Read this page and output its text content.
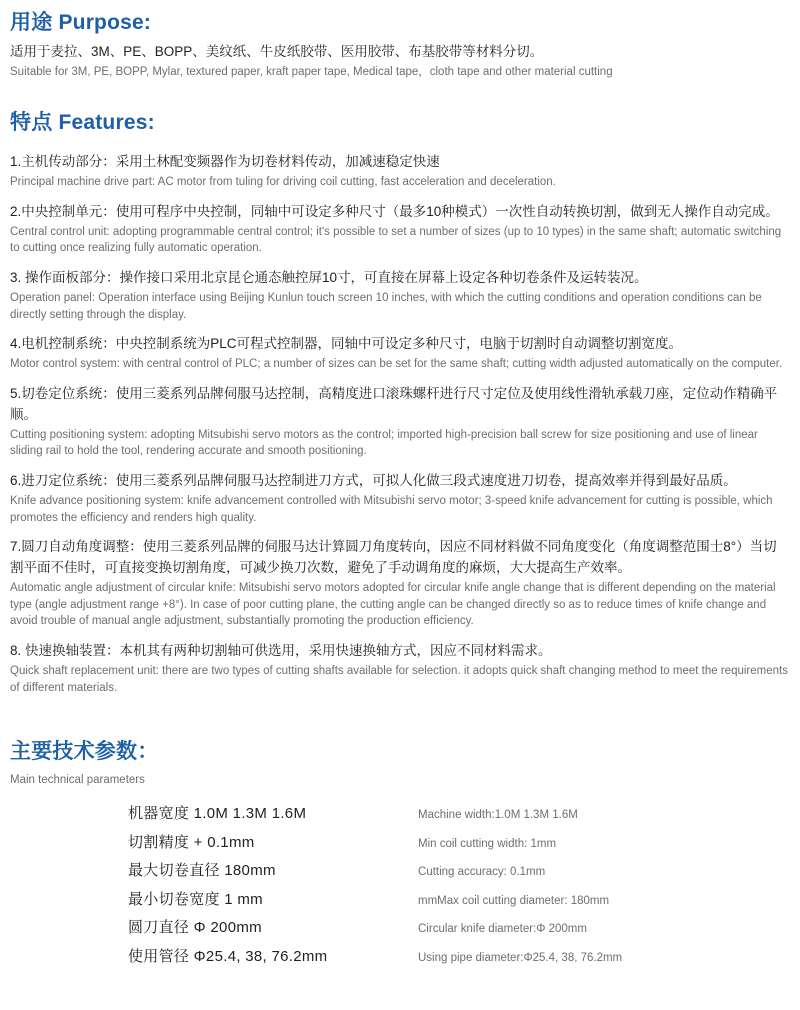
用途 Purpose:

适用于麦拉、3M、PE、BOPP、美纹纸、牛皮纸胶带、医用胶带、布基胶带等材料分切。

Suitable for 3M, PE, BOPP, Mylar, textured paper, kraft paper tape, Medical tape，cloth tape and other material cutting

特点 Features:

1.主机传动部分：采用土林配变频器作为切卷材料传动，加减速稳定快速

Principal machine drive part: AC motor from tuling for driving coil cutting, fast acceleration and deceleration.

2.中央控制单元：使用可程序中央控制，同轴中可设定多种尺寸（最多10种模式）一次性自动转换切割，做到无人操作自动完成。

Central control unit: adopting programmable central control; it's possible to set a number of sizes (up to 10 types) in the same shaft; automatic switching to cutting once realizing fully automatic operation.

3. 操作面板部分：操作接口采用北京昆仑通态触控屏10寸，可直接在屏幕上设定各种切卷条件及运转装况。

Operation panel: Operation interface using Beijing Kunlun touch screen 10 inches, with which the cutting conditions and operation conditions can be directly setting through the display.

4.电机控制系统：中央控制系统为PLC可程式控制器，同轴中可设定多种尺寸，电脑于切割时自动调整切割宽度。

Motor control system: with central control of PLC; a number of sizes can be set for the same shaft; cutting width adjusted automatically on the computer.

5.切卷定位系统：使用三菱系列品牌伺服马达控制，高精度进口滚珠螺杆进行尺寸定位及使用线性滑轨承载刀座，定位动作精确平顺。

Cutting positioning system: adopting Mitsubishi servo motors as the control; imported high-precision ball screw for size positioning and use of linear sliding rail to hold the tool, rendering accurate and smooth positioning.

6.进刀定位系统：使用三菱系列品牌伺服马达控制进刀方式，可拟人化做三段式速度进刀切卷，提高效率并得到最好品质。

Knife advance positioning system: knife advancement controlled with Mitsubishi servo motor; 3-speed knife advancement for cutting is possible, which promotes the efficiency and renders high quality.

7.圆刀自动角度调整：使用三菱系列品牌的伺服马达计算圆刀角度转向，因应不同材料做不同角度变化（角度调整范围士8°）当切割平面不佳时，可直接变换切割角度，可减少换刀次数，避免了手动调角度的麻烦，大大提高生产效率。

Automatic angle adjustment of circular knife: Mitsubishi servo motors adopted for circular knife angle change that is different depending on the material type (angle adjustment range +8°). In case of poor cutting plane, the cutting angle can be changed directly so as to reduce times of knife change and avoid trouble of manual angle adjustment, substantially promoting the production efficiency.

8. 快速换轴装置：本机其有两种切割轴可供选用，采用快速换轴方式，因应不同材料需求。

Quick shaft replacement unit: there are two types of cutting shafts available for selection. it adopts quick shaft changing method to meet the requirements of different materials.

主要技术参数：

Main technical parameters

机器宽度 1.0M 1.3M 1.6M	Machine width:1.0M 1.3M 1.6M
切割精度 + 0.1mm	Min coil cutting width: 1mm
最大切卷直径 180mm	Cutting accuracy: 0.1mm
最小切卷宽度 1 mm	mmMax coil cutting diameter: 180mm
圆刀直径 Φ 200mm	Circular knife diameter:Φ 200mm
使用管径 Φ25.4, 38, 76.2mm	Using pipe diameter:Φ25.4, 38, 76.2mm
